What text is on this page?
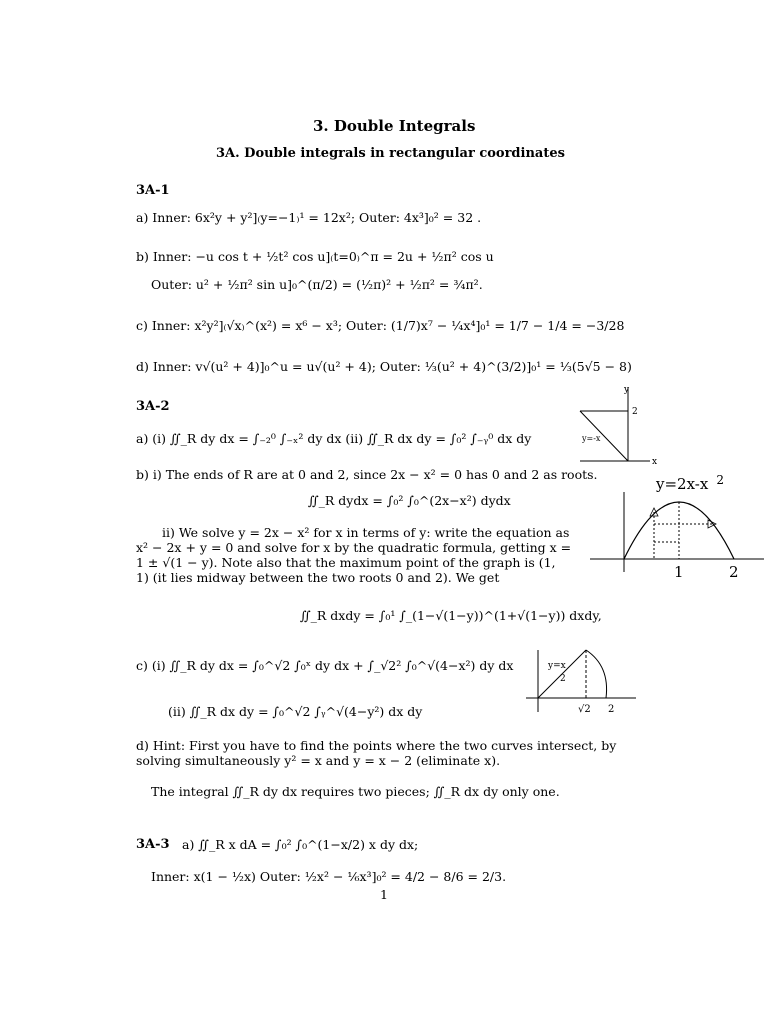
3. Double Integrals
3A. Double integrals in rectangular coordinates
3A-1
a) Inner: 6x²y + y²]₍y=−1₎¹ = 12x²; Outer: 4x³]₀² = 32 .
b) Inner: −u cos t + ½t² cos u]₍t=0₎^π = 2u + ½π² cos u
Outer: u² + ½π² sin u]₀^(π/2) = (½π)² + ½π² = ¾π².
c) Inner: x²y²]₍√x₎^(x²) = x⁶ − x³; Outer: (1/7)x⁷ − ¼x⁴]₀¹ = 1/7 − 1/4 = −3/28
d) Inner: v√(u² + 4)]₀^u = u√(u² + 4); Outer: ⅓(u² + 4)^(3/2)]₀¹ = ⅓(5√5 − 8)
3A-2
a) (i) ∬_R dy dx = ∫₋₂⁰ ∫₋ₓ² dy dx (ii) ∬_R dx dy = ∫₀² ∫₋ᵧ⁰ dx dy
b) i) The ends of R are at 0 and 2, since 2x − x² = 0 has 0 and 2 as roots.
∬_R dydx = ∫₀² ∫₀^(2x−x²) dydx
ii) We solve y = 2x − x² for x in terms of y: write the equation as x² − 2x + y = 0 and solve for x by the quadratic formula, getting x = 1 ± √(1 − y). Note also that the maximum point of the graph is (1, 1) (it lies midway between the two roots 0 and 2). We get
∬_R dxdy = ∫₀¹ ∫_(1−√(1−y))^(1+√(1−y)) dxdy,
c) (i) ∬_R dy dx = ∫₀^√2 ∫₀ˣ dy dx + ∫_√2² ∫₀^√(4−x²) dy dx
(ii) ∬_R dx dy = ∫₀^√2 ∫ᵧ^√(4−y²) dx dy
d) Hint: First you have to find the points where the two curves intersect, by solving simultaneously y² = x and y = x − 2 (eliminate x).
The integral ∬_R dy dx requires two pieces; ∬_R dx dy only one.
3A-3 a) ∬_R x dA = ∫₀² ∫₀^(1−x/2) x dy dx;
Inner: x(1 − ½x) Outer: ½x² − ⅙x³]₀² = 4/2 − 8/6 = 2/3.
1
y
x
y=-x
2
y=2x-x $^2$
1	2
y=x
2
√2 2
